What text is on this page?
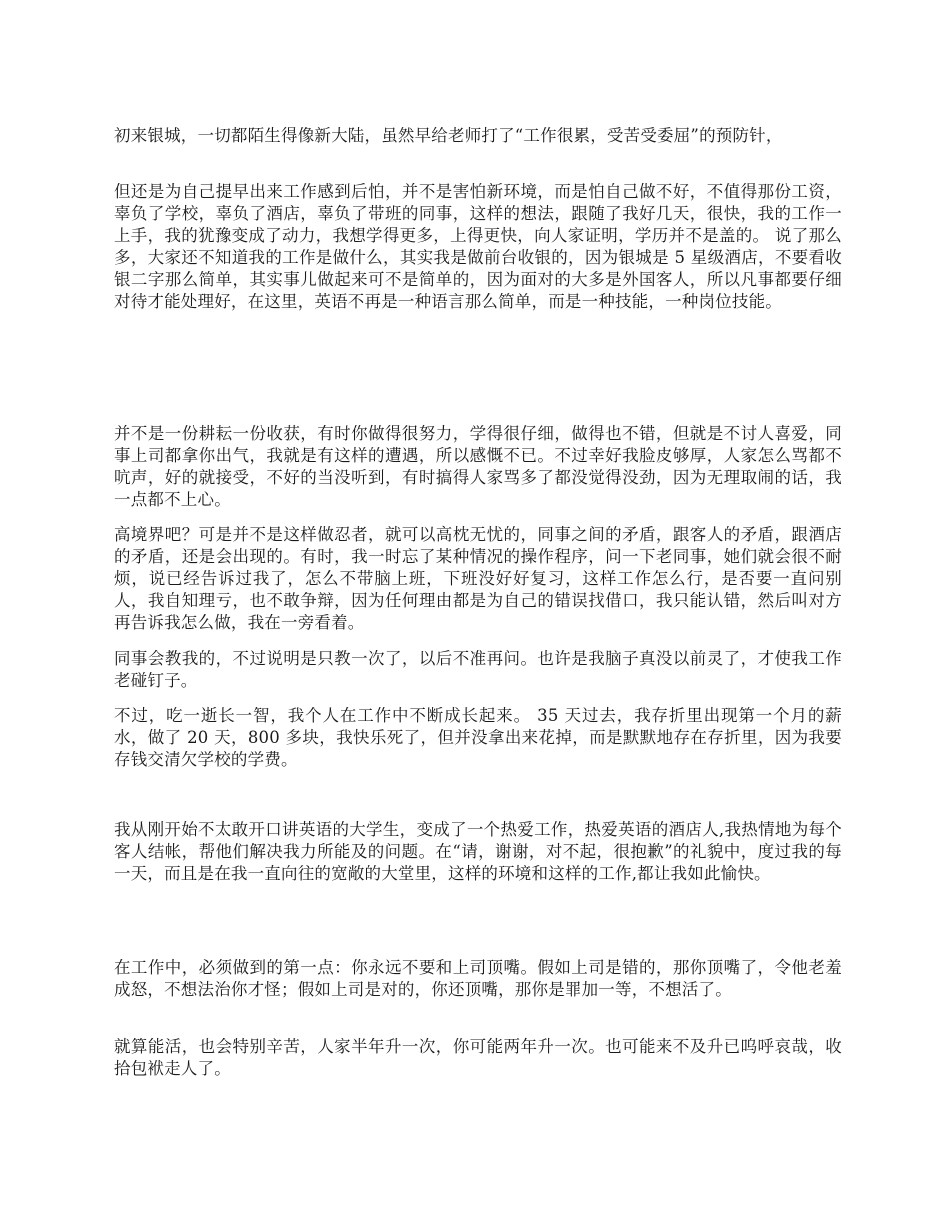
初来银城，一切都陌生得像新大陆，虽然早给老师打了“工作很累，受苦受委屈”的预防针，

但还是为自己提早出来工作感到后怕，并不是害怕新环境，而是怕自己做不好，不值得那份工资，辜负了学校，辜负了酒店，辜负了带班的同事，这样的想法，跟随了我好几天，很快，我的工作一上手，我的犹豫变成了动力，我想学得更多，上得更快，向人家证明，学历并不是盖的。 说了那么多，大家还不知道我的工作是做什么，其实我是做前台收银的，因为银城是 5 星级酒店，不要看收银二字那么简单，其实事儿做起来可不是简单的，因为面对的大多是外国客人，所以凡事都要仔细对待才能处理好，在这里，英语不再是一种语言那么简单，而是一种技能，一种岗位技能。

并不是一份耕耘一份收获，有时你做得很努力，学得很仔细，做得也不错，但就是不讨人喜爱，同事上司都拿你出气，我就是有这样的遭遇，所以感慨不已。不过幸好我脸皮够厚，人家怎么骂都不吭声，好的就接受，不好的当没听到，有时搞得人家骂多了都没觉得没劲，因为无理取闹的话，我一点都不上心。

高境界吧？可是并不是这样做忍者，就可以高枕无忧的，同事之间的矛盾，跟客人的矛盾，跟酒店的矛盾，还是会出现的。有时，我一时忘了某种情况的操作程序，问一下老同事，她们就会很不耐烦，说已经告诉过我了，怎么不带脑上班，下班没好好复习，这样工作怎么行，是否要一直问别人，我自知理亏，也不敢争辩，因为任何理由都是为自己的错误找借口，我只能认错，然后叫对方再告诉我怎么做，我在一旁看着。

同事会教我的，不过说明是只教一次了，以后不准再问。也许是我脑子真没以前灵了，才使我工作老碰钉子。

不过，吃一逝长一智，我个人在工作中不断成长起来。 35 天过去，我存折里出现第一个月的薪水，做了 20 天，800 多块，我快乐死了，但并没拿出来花掉，而是默默地存在存折里，因为我要存钱交清欠学校的学费。

我从刚开始不太敢开口讲英语的大学生，变成了一个热爱工作，热爱英语的酒店人,我热情地为每个客人结帐，帮他们解决我力所能及的问题。在“请，谢谢，对不起，很抱歉”的礼貌中，度过我的每一天，而且是在我一直向往的宽敞的大堂里，这样的环境和这样的工作,都让我如此愉快。

在工作中，必须做到的第一点：你永远不要和上司顶嘴。假如上司是错的，那你顶嘴了，令他老羞成怒，不想法治你才怪；假如上司是对的，你还顶嘴，那你是罪加一等，不想活了。

就算能活，也会特别辛苦，人家半年升一次，你可能两年升一次。也可能来不及升已呜呼哀哉，收拾包袱走人了。
